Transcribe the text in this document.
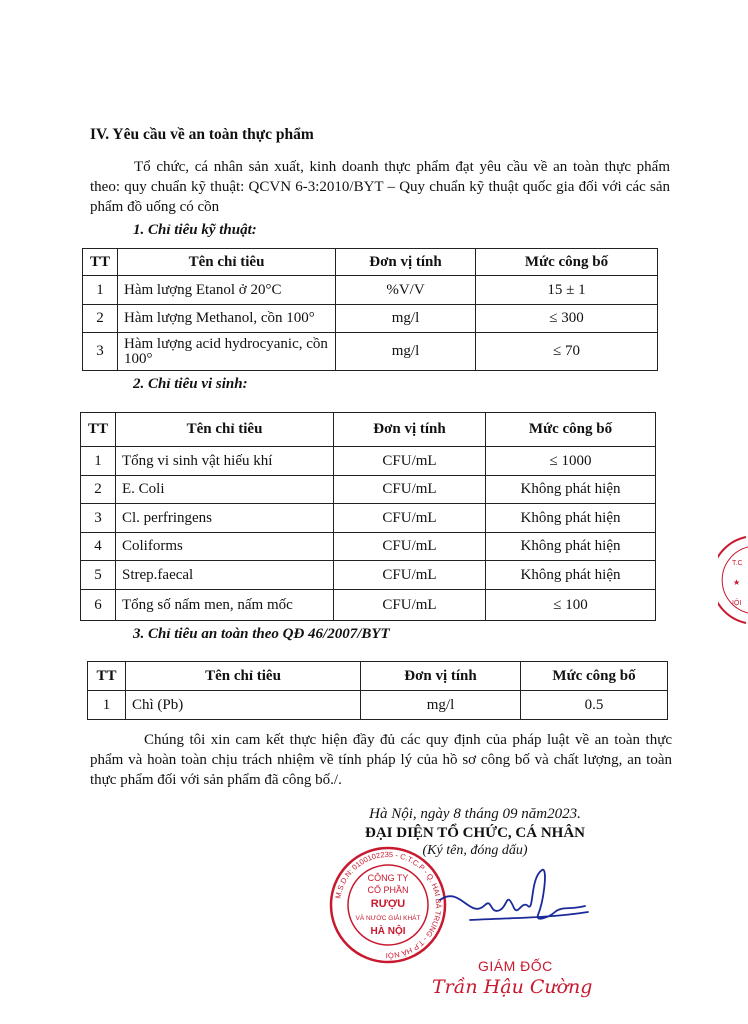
IV. Yêu cầu về an toàn thực phẩm
Tổ chức, cá nhân sản xuất, kinh doanh thực phẩm đạt yêu cầu về an toàn thực phẩm theo: quy chuẩn kỹ thuật: QCVN 6-3:2010/BYT – Quy chuẩn kỹ thuật quốc gia đối với các sản phẩm đồ uống có cồn
1. Chỉ tiêu kỹ thuật:
TT	Tên chỉ tiêu	Đơn vị tính	Mức công bố
1	Hàm lượng Etanol ở 20°C	%V/V	15 ± 1
2	Hàm lượng Methanol, cồn 100°	mg/l	≤ 300
3	Hàm lượng acid hydrocyanic, cồn 100°	mg/l	≤ 70
2. Chỉ tiêu vi sinh:
TT	Tên chỉ tiêu	Đơn vị tính	Mức công bố
1	Tổng vi sinh vật hiếu khí	CFU/mL	≤ 1000
2	E. Coli	CFU/mL	Không phát hiện
3	Cl. perfringens	CFU/mL	Không phát hiện
4	Coliforms	CFU/mL	Không phát hiện
5	Strep.faecal	CFU/mL	Không phát hiện
6	Tổng số nấm men, nấm mốc	CFU/mL	≤ 100
3. Chỉ tiêu an toàn theo QĐ 46/2007/BYT
TT	Tên chỉ tiêu	Đơn vị tính	Mức công bố
1	Chì (Pb)	mg/l	0.5
Chúng tôi xin cam kết thực hiện đầy đủ các quy định của pháp luật về an toàn thực phẩm và hoàn toàn chịu trách nhiệm về tính pháp lý của hồ sơ công bố và chất lượng, an toàn thực phẩm đối với sản phẩm đã công bố./.
Hà Nội, ngày 8 tháng 09 năm2023.
ĐẠI DIỆN TỔ CHỨC, CÁ NHÂN
(Ký tên, đóng dấu)
M.S.D.N: 0100102235 - C.T.C.P - Q. HAI BÀ TRUNG - T.P HÀ NỘI
CÔNG TY
CỔ PHẦN
RƯỢU
VÀ NƯỚC GIẢI KHÁT
HÀ NỘI
T.C
★
IỘI
GIÁM ĐỐC
Trần Hậu Cường
